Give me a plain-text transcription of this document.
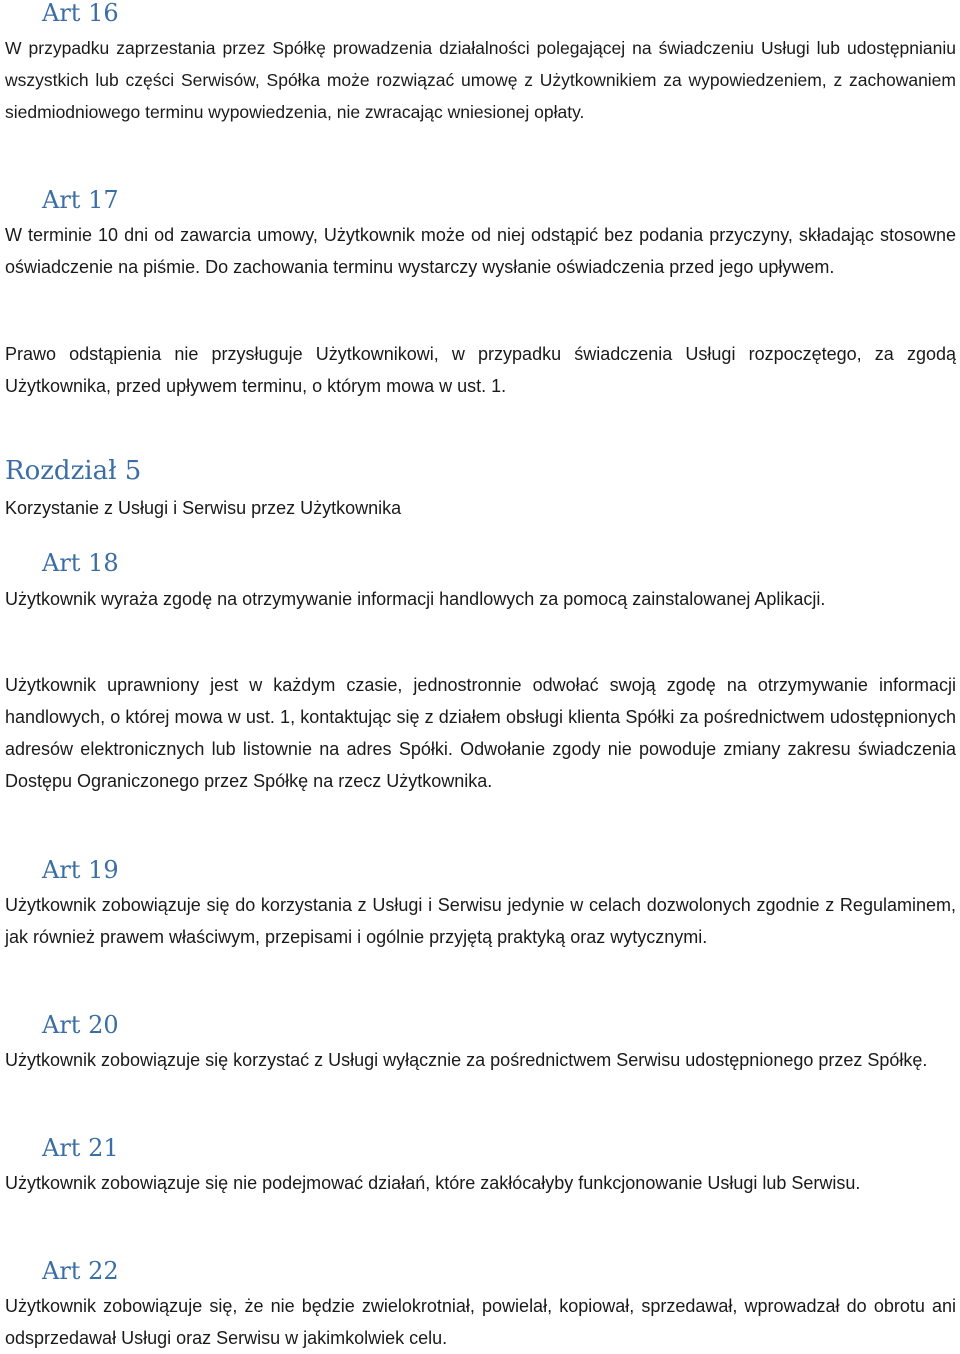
Art 16

W przypadku zaprzestania przez Spółkę prowadzenia działalności polegającej na świadczeniu Usługi lub udostępnianiu wszystkich lub części Serwisów, Spółka może rozwiązać umowę z Użytkownikiem za wypowiedzeniem, z zachowaniem siedmiodniowego terminu wypowiedzenia, nie zwracając wniesionej opłaty.

Art 17

W terminie 10 dni od zawarcia umowy, Użytkownik może od niej odstąpić bez podania przyczyny, składając stosowne oświadczenie na piśmie. Do zachowania terminu wystarczy wysłanie oświadczenia przed jego upływem.

Prawo odstąpienia nie przysługuje Użytkownikowi, w przypadku świadczenia Usługi rozpoczętego, za zgodą Użytkownika, przed upływem terminu, o którym mowa w ust. 1.

Rozdział 5

Korzystanie z Usługi i Serwisu przez Użytkownika

Art 18

Użytkownik wyraża zgodę na otrzymywanie informacji handlowych za pomocą zainstalowanej Aplikacji.

Użytkownik uprawniony jest w każdym czasie, jednostronnie odwołać swoją zgodę na otrzymywanie informacji handlowych, o której mowa w ust. 1, kontaktując się z działem obsługi klienta Spółki za pośrednictwem udostępnionych adresów elektronicznych lub listownie na adres Spółki. Odwołanie zgody nie powoduje zmiany zakresu świadczenia Dostępu Ograniczonego przez Spółkę na rzecz Użytkownika.

Art 19

Użytkownik zobowiązuje się do korzystania z Usługi i Serwisu jedynie w celach dozwolonych zgodnie z Regulaminem, jak również prawem właściwym, przepisami i ogólnie przyjętą praktyką oraz wytycznymi.

Art 20

Użytkownik zobowiązuje się korzystać z Usługi wyłącznie za pośrednictwem Serwisu udostępnionego przez Spółkę.

Art 21

Użytkownik zobowiązuje się nie podejmować działań, które zakłócałyby funkcjonowanie Usługi lub Serwisu.

Art 22

Użytkownik zobowiązuje się, że nie będzie zwielokrotniał, powielał, kopiował, sprzedawał, wprowadzał do obrotu ani odsprzedawał Usługi oraz Serwisu w jakimkolwiek celu.
